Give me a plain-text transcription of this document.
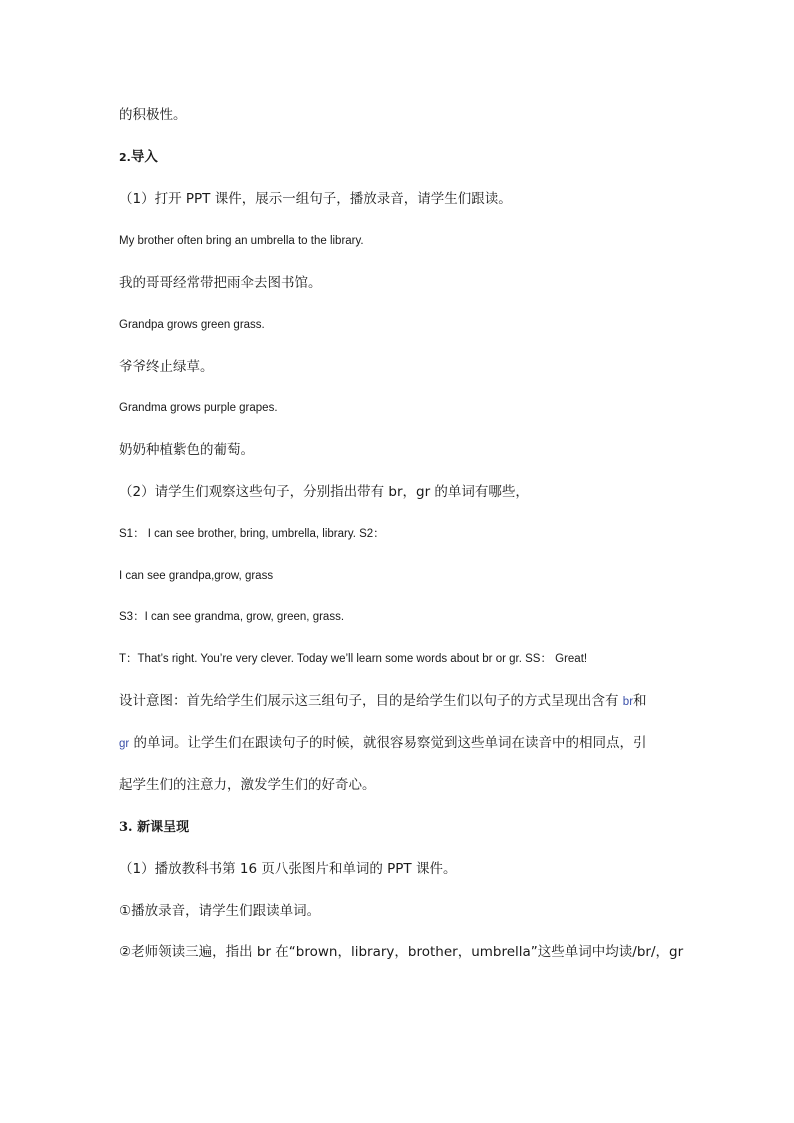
的积极性。
2.导入
（1）打开 PPT 课件，展示一组句子，播放录音，请学生们跟读。
My brother often bring an umbrella to the library.
我的哥哥经常带把雨伞去图书馆。
Grandpa grows green grass.
爷爷终止绿草。
Grandma grows purple grapes.
奶奶种植紫色的葡萄。
（2）请学生们观察这些句子，分别指出带有 br，gr 的单词有哪些，
S1： I can see brother, bring, umbrella, library. S2：
I can see grandpa,grow, grass
S3：I can see grandma, grow, green, grass.
T：That’s right. You’re very clever. Today we’ll learn some words about br or gr. SS： Great!
设计意图：首先给学生们展示这三组句子，目的是给学生们以句子的方式呈现出含有 br和
gr 的单词。让学生们在跟读句子的时候，就很容易察觉到这些单词在读音中的相同点，引
起学生们的注意力，激发学生们的好奇心。
3. 新课呈现
（1）播放教科书第 16 页八张图片和单词的 PPT 课件。
①播放录音，请学生们跟读单词。
②老师领读三遍，指出 br 在“brown，library，brother，umbrella”这些单词中均读/br/，gr
